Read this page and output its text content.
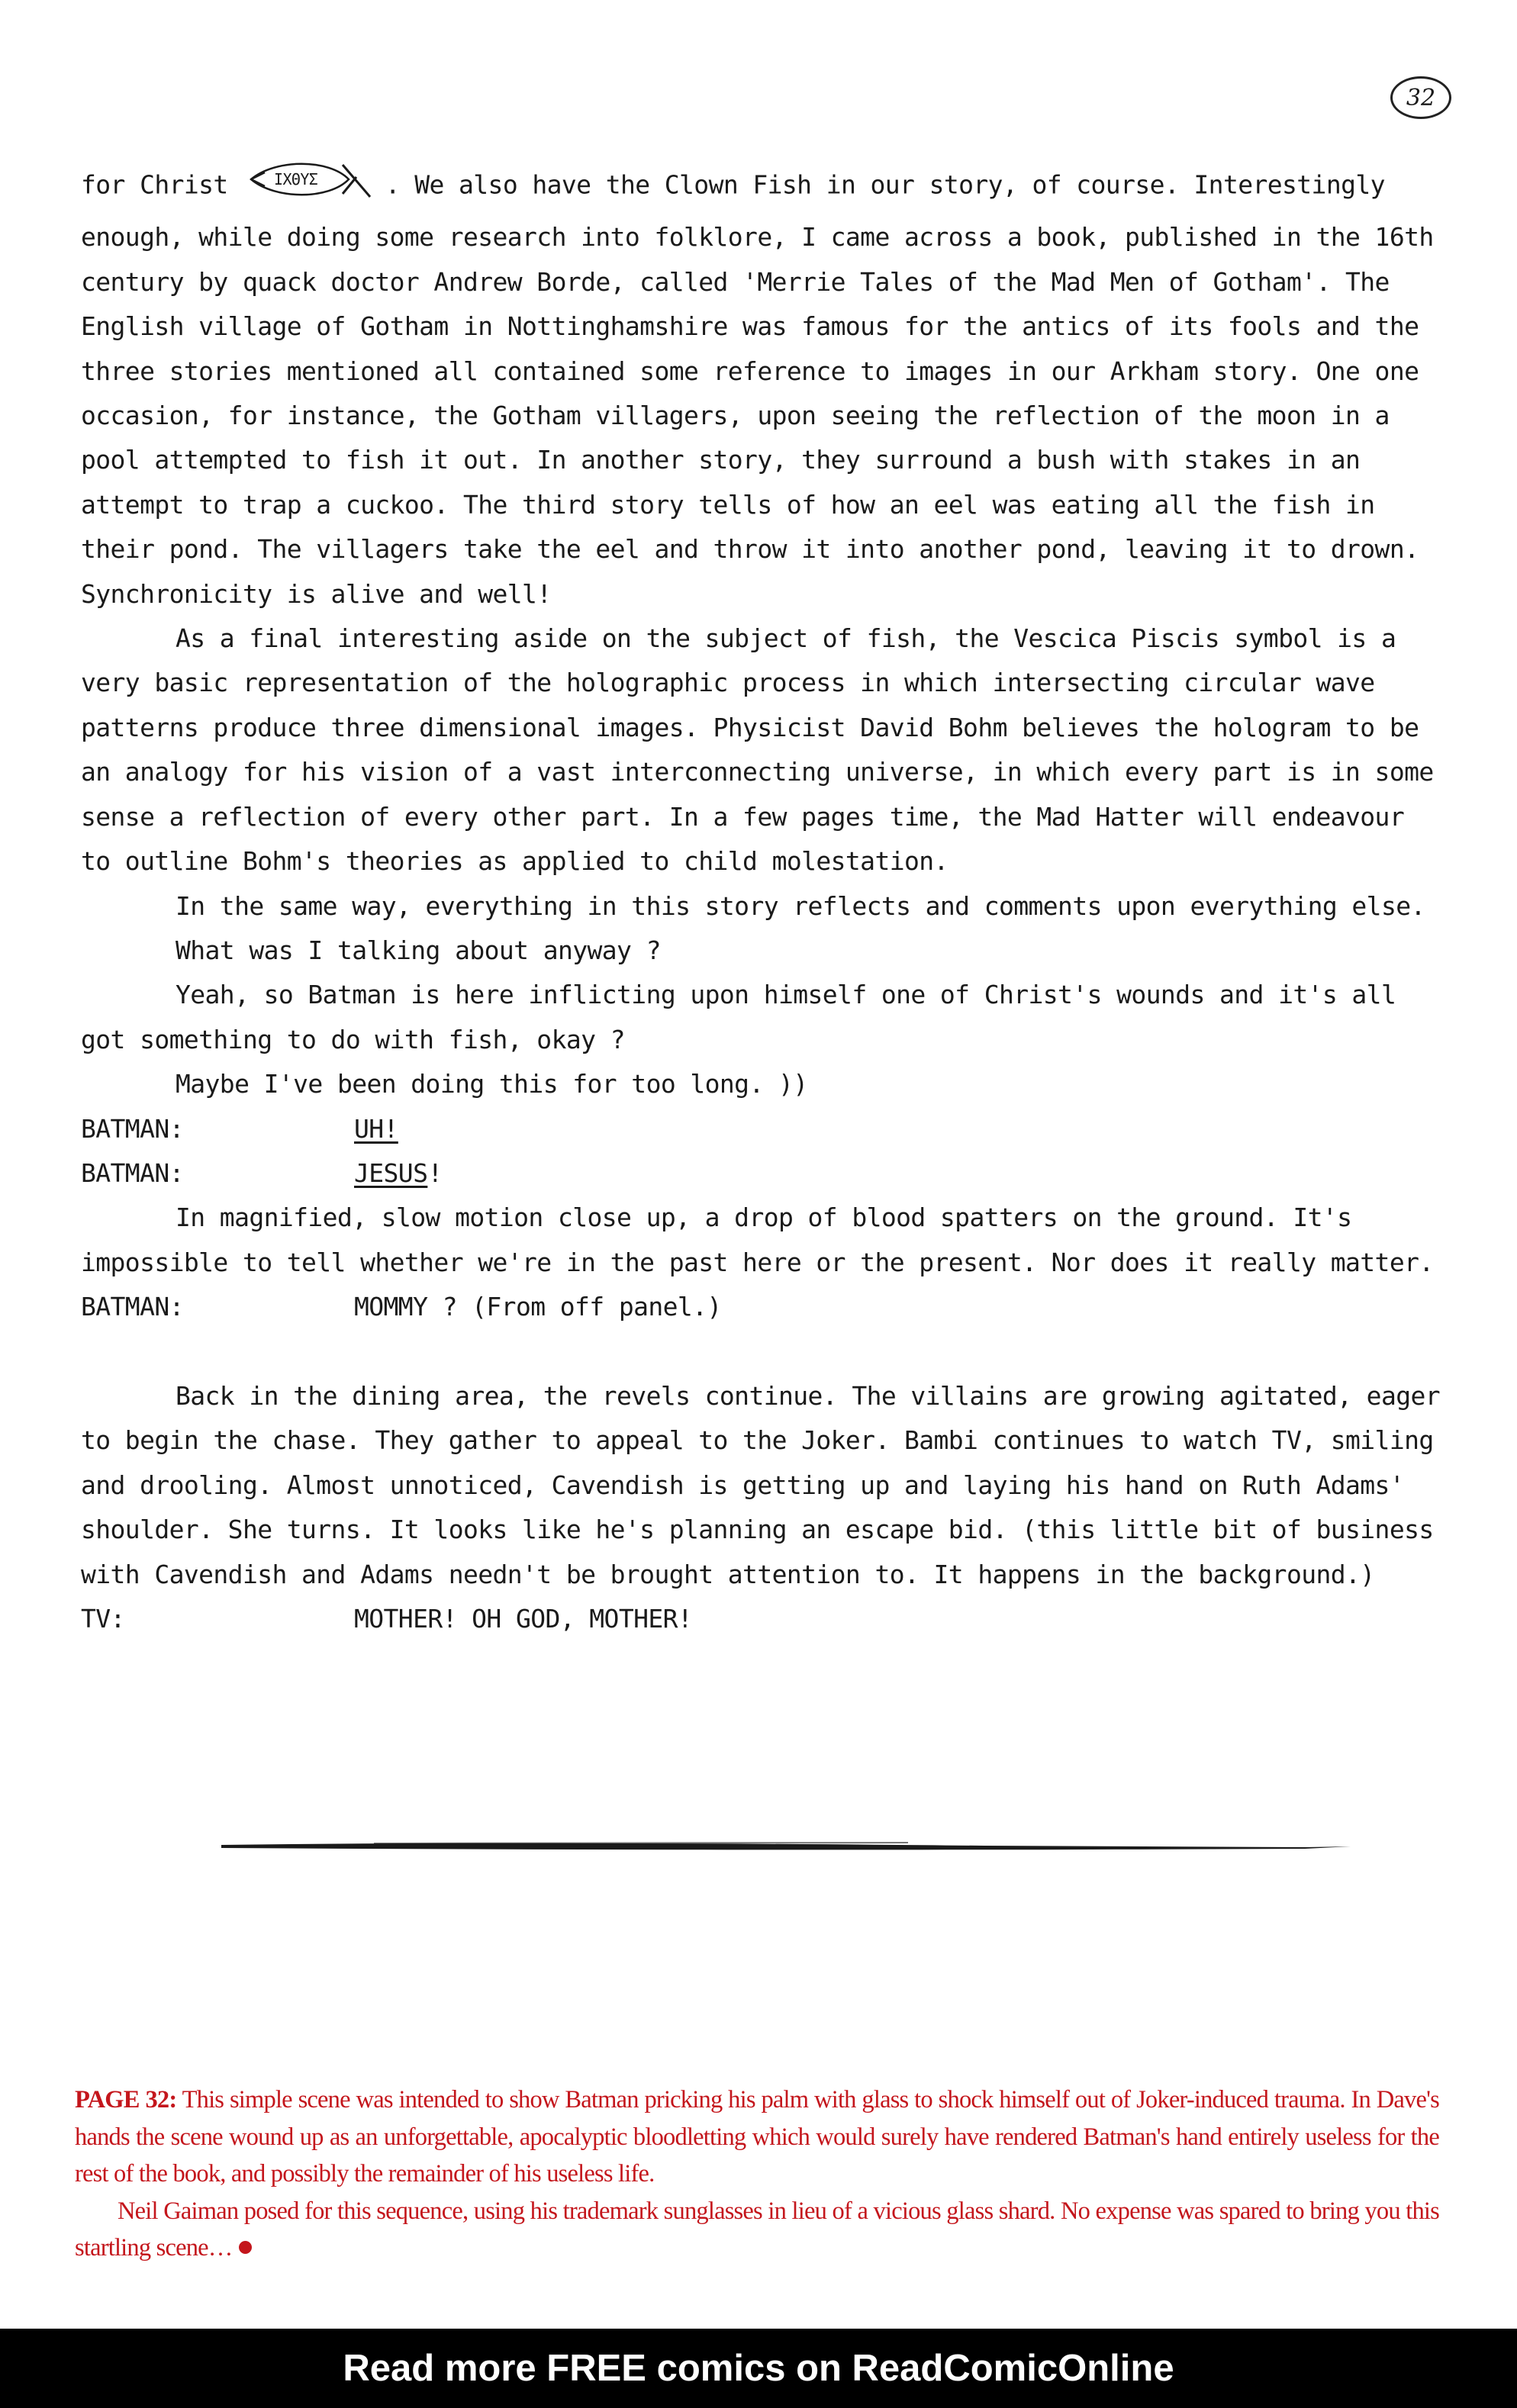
32

for Christ	IXΘYΣ	. We also have the Clown Fish in our story, of course. Interestingly enough, while doing some research into folklore, I came across a book, published in the 16th century by quack doctor Andrew Borde, called 'Merrie Tales of the Mad Men of Gotham'. The English village of Gotham in Nottinghamshire was famous for the antics of its fools and the three stories mentioned all contained some reference to images in our Arkham story. One one occasion, for instance, the Gotham villagers, upon seeing the reflection of the moon in a pool attempted to fish it out. In another story, they surround a bush with stakes in an attempt to trap a cuckoo. The third story tells of how an eel was eating all the fish in their pond. The villagers take the eel and throw it into another pond, leaving it to drown. Synchronicity is alive and well!

As a final interesting aside on the subject of fish, the Vescica Piscis symbol is a very basic representation of the holographic process in which intersecting circular wave patterns produce three dimensional images. Physicist David Bohm believes the hologram to be an analogy for his vision of a vast interconnecting universe, in which every part is in some sense a reflection of every other part. In a few pages time, the Mad Hatter will endeavour to outline Bohm's theories as applied to child molestation.

In the same way, everything in this story reflects and comments upon everything else.

What was I talking about anyway ?

Yeah, so Batman is here inflicting upon himself one of Christ's wounds and it's all got something to do with fish, okay ?

Maybe I've been doing this for too long. ))

BATMAN:	UH!
BATMAN:	JESUS!

In magnified, slow motion close up, a drop of blood spatters on the ground. It's impossible to tell whether we're in the past here or the present. Nor does it really matter.

BATMAN:	MOMMY ? (From off panel.)

Back in the dining area, the revels continue. The villains are growing agitated, eager to begin the chase. They gather to appeal to the Joker. Bambi continues to watch TV, smiling and drooling. Almost unnoticed, Cavendish is getting up and laying his hand on Ruth Adams' shoulder. She turns. It looks like he's planning an escape bid. (this little bit of business with Cavendish and Adams needn't be brought attention to. It happens in the background.)

TV:	MOTHER! OH GOD, MOTHER!

PAGE 32: This simple scene was intended to show Batman pricking his palm with glass to shock himself out of Joker-induced trauma. In Dave's hands the scene wound up as an unforgettable, apocalyptic bloodletting which would surely have rendered Batman's hand entirely useless for the rest of the book, and possibly the remainder of his useless life.

Neil Gaiman posed for this sequence, using his trademark sunglasses in lieu of a vicious glass shard. No expense was spared to bring you this startling scene…

Read more FREE comics on ReadComicOnline
